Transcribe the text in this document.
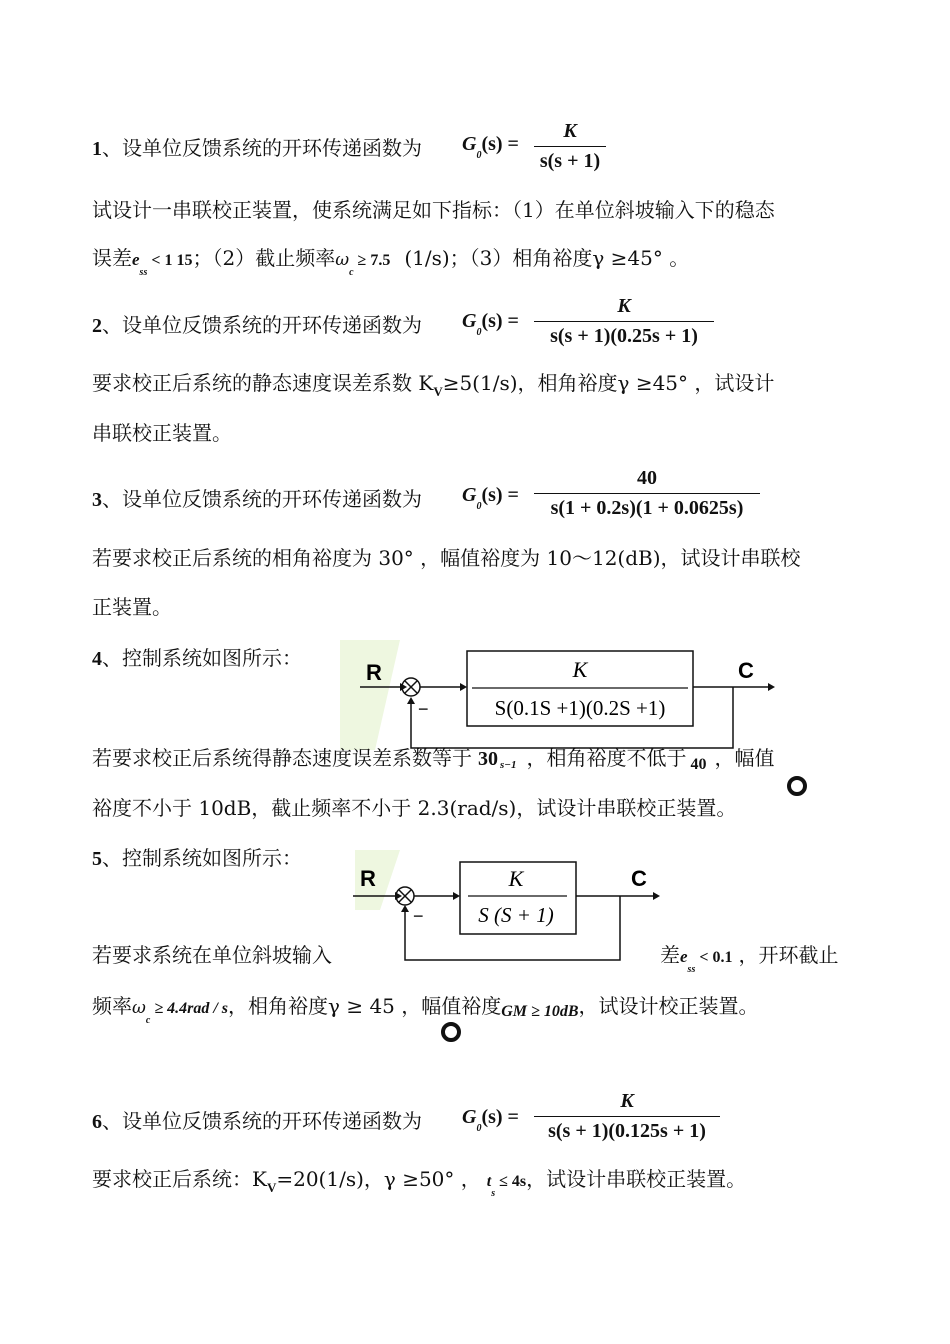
1、设单位反馈系统的开环传递函数为 $G_0(s)$ =
K
s(s + 1)
试设计一串联校正装置，使系统满足如下指标：（1）在单位斜坡输入下的稳态
误差$e_{ss}< 1$ 15；（2）截止频率$\omega_c\ge 7.5$ (1/s)；（3）相角裕度γ ≥45° 。
2、设单位反馈系统的开环传递函数为 $G_0(s)$ =
K
s(s + 1)(0.25s + 1)
要求校正后系统的静态速度误差系数 $K_V\ge 5(1/s)$，相角裕度γ ≥45° ，试设计
串联校正装置。
3、设单位反馈系统的开环传递函数为 $G_0(s)$ =
40
s(1 + 0.2s)(1 + 0.0625s)
若要求校正后系统的相角裕度为 30° ，幅值裕度为 10～12(dB)，试设计串联校
正装置。
4、控制系统如图所示：
R
−
K
S(0.1S +1)(0.2S +1)
C
若要求校正后系统得静态速度误差系数等于 30 s−1 ，相角裕度不低于 $_{40}$ ，幅值
裕度不小于 10dB，截止频率不小于 2.3(rad/s)，试设计串联校正装置。
5、控制系统如图所示：
若要求系统在单位斜坡输入
R
−
K
S (S + 1)
C
差$e_{ss}< 0.1$ ，开环截止
频率$\omega_c\ge 4.4rad / s$，相角裕度γ ≥ 45 ，幅值裕度GM ≥ 10dB，试设计校正装置。
6、设单位反馈系统的开环传递函数为 $G_0(s)$ =
K
s(s + 1)(0.125s + 1)
要求校正后系统：$K_V=20(1/s)$，γ ≥50° ， $t_s\le 4s$，试设计串联校正装置。
